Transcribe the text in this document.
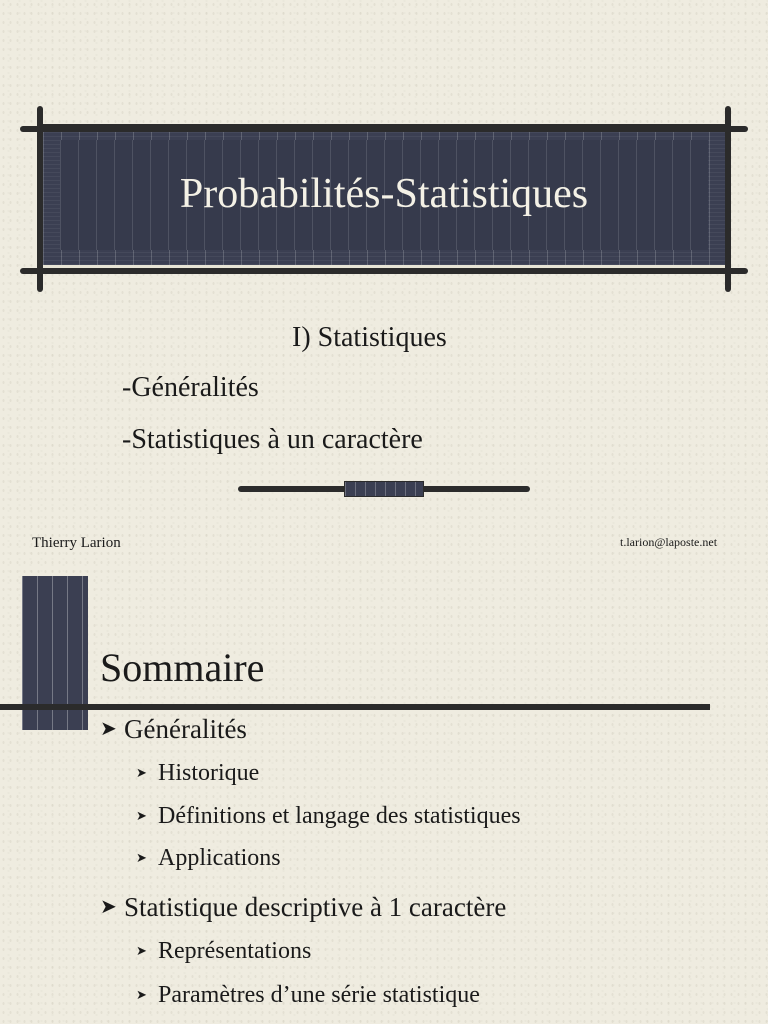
Probabilités-Statistiques
I) Statistiques
-Généralités
-Statistiques à un caractère
Thierry Larion	t.larion@laposte.net
Sommaire
➤ Généralités
➤ Historique
➤ Définitions et langage des statistiques
➤ Applications
➤ Statistique descriptive à 1 caractère
➤ Représentations
➤ Paramètres d’une série statistique
